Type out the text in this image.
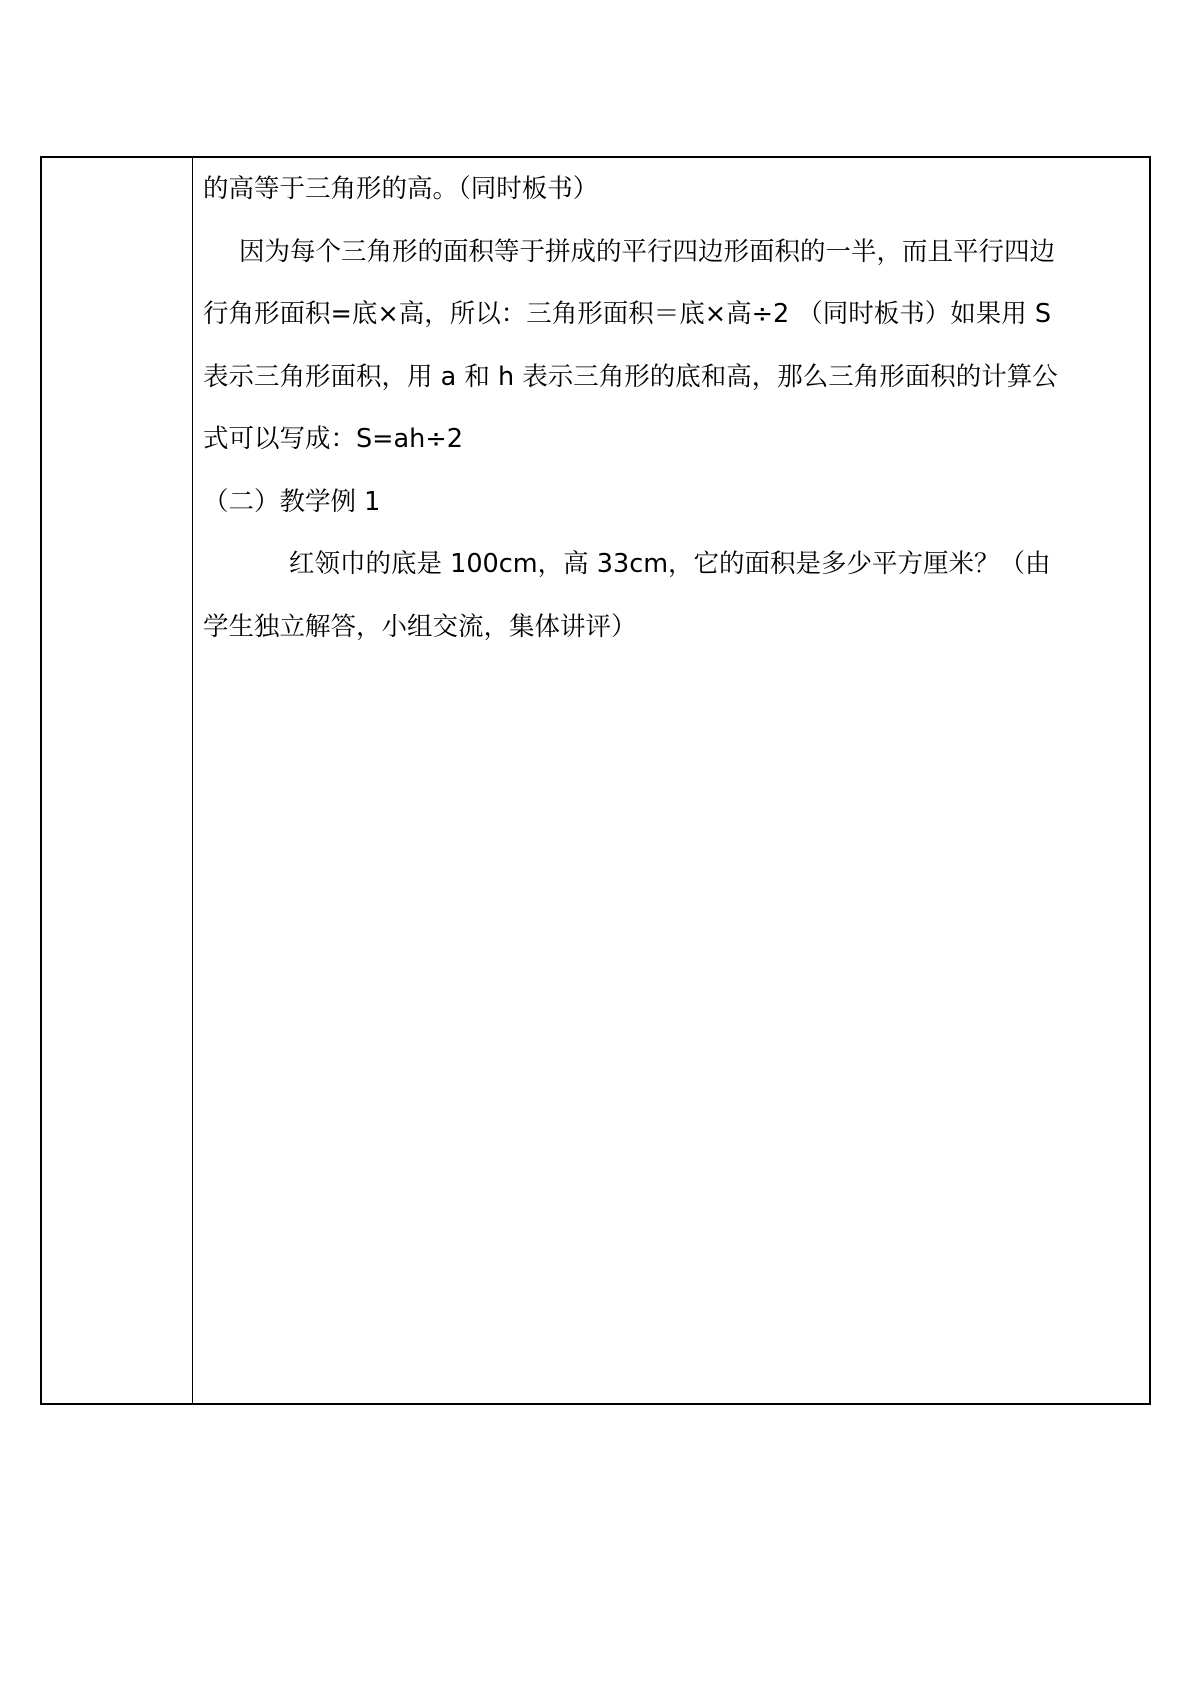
的高等于三角形的高。（同时板书）

因为每个三角形的面积等于拼成的平行四边形面积的一半，而且平行四边

行角形面积=底×高，所以：三角形面积＝底×高÷2 （同时板书）如果用 S

表示三角形面积，用 a 和 h 表示三角形的底和高，那么三角形面积的计算公

式可以写成：S=ah÷2

（二）教学例 1

红领巾的底是 100cm，高 33cm，它的面积是多少平方厘米？（由

学生独立解答，小组交流，集体讲评）
